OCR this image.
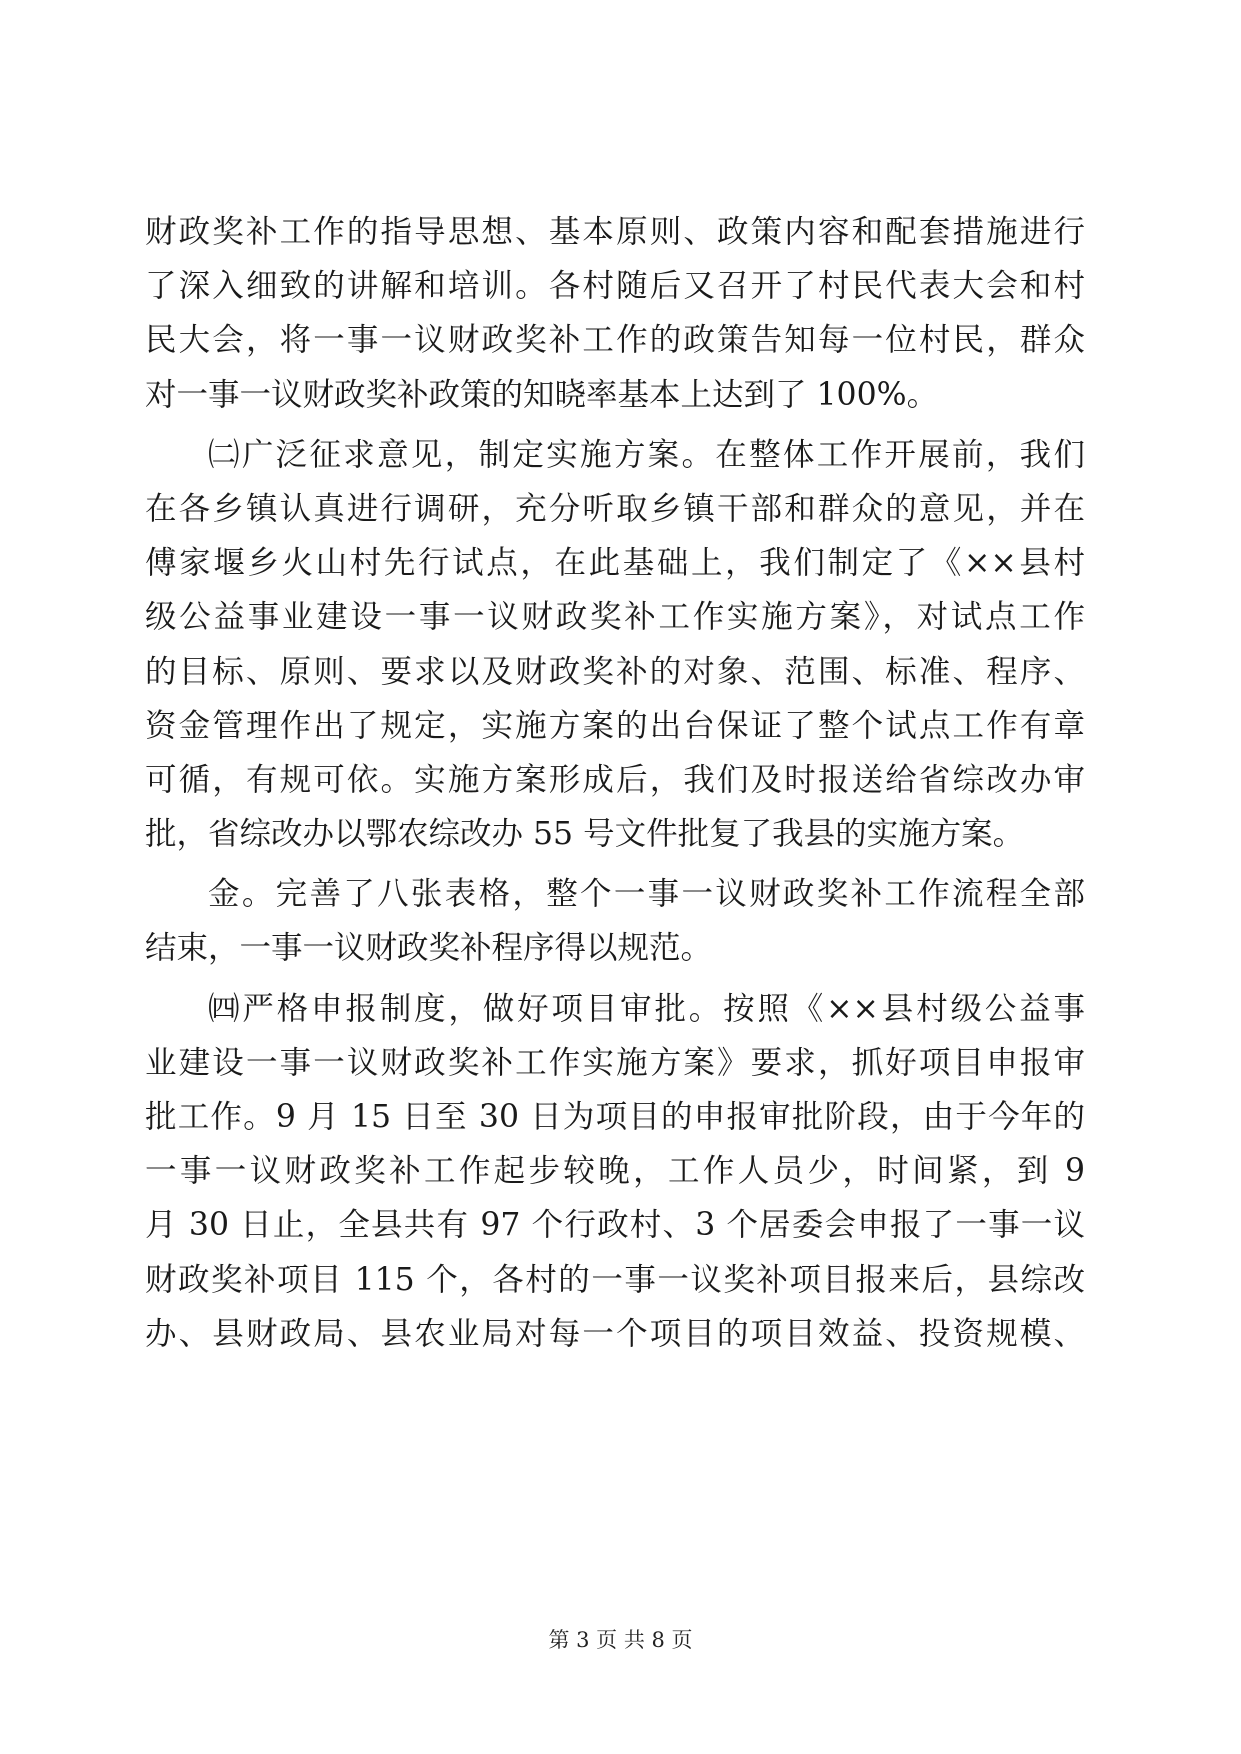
财政奖补工作的指导思想、基本原则、政策内容和配套措施进行
了深入细致的讲解和培训。各村随后又召开了村民代表大会和村
民大会，将一事一议财政奖补工作的政策告知每一位村民，群众
对一事一议财政奖补政策的知晓率基本上达到了 100%。
㈡广泛征求意见，制定实施方案。在整体工作开展前，我们
在各乡镇认真进行调研，充分听取乡镇干部和群众的意见，并在
傅家堰乡火山村先行试点，在此基础上，我们制定了《××县村
级公益事业建设一事一议财政奖补工作实施方案》，对试点工作
的目标、原则、要求以及财政奖补的对象、范围、标准、程序、
资金管理作出了规定，实施方案的出台保证了整个试点工作有章
可循，有规可依。实施方案形成后，我们及时报送给省综改办审
批，省综改办以鄂农综改办 55 号文件批复了我县的实施方案。
金。完善了八张表格，整个一事一议财政奖补工作流程全部
结束，一事一议财政奖补程序得以规范。
㈣严格申报制度，做好项目审批。按照《××县村级公益事
业建设一事一议财政奖补工作实施方案》要求，抓好项目申报审
批工作。9 月 15 日至 30 日为项目的申报审批阶段，由于今年的
一事一议财政奖补工作起步较晚，工作人员少，时间紧，到 9
月 30 日止，全县共有 97 个行政村、3 个居委会申报了一事一议
财政奖补项目 115 个，各村的一事一议奖补项目报来后，县综改
办、县财政局、县农业局对每一个项目的项目效益、投资规模、
第 3 页 共 8 页
